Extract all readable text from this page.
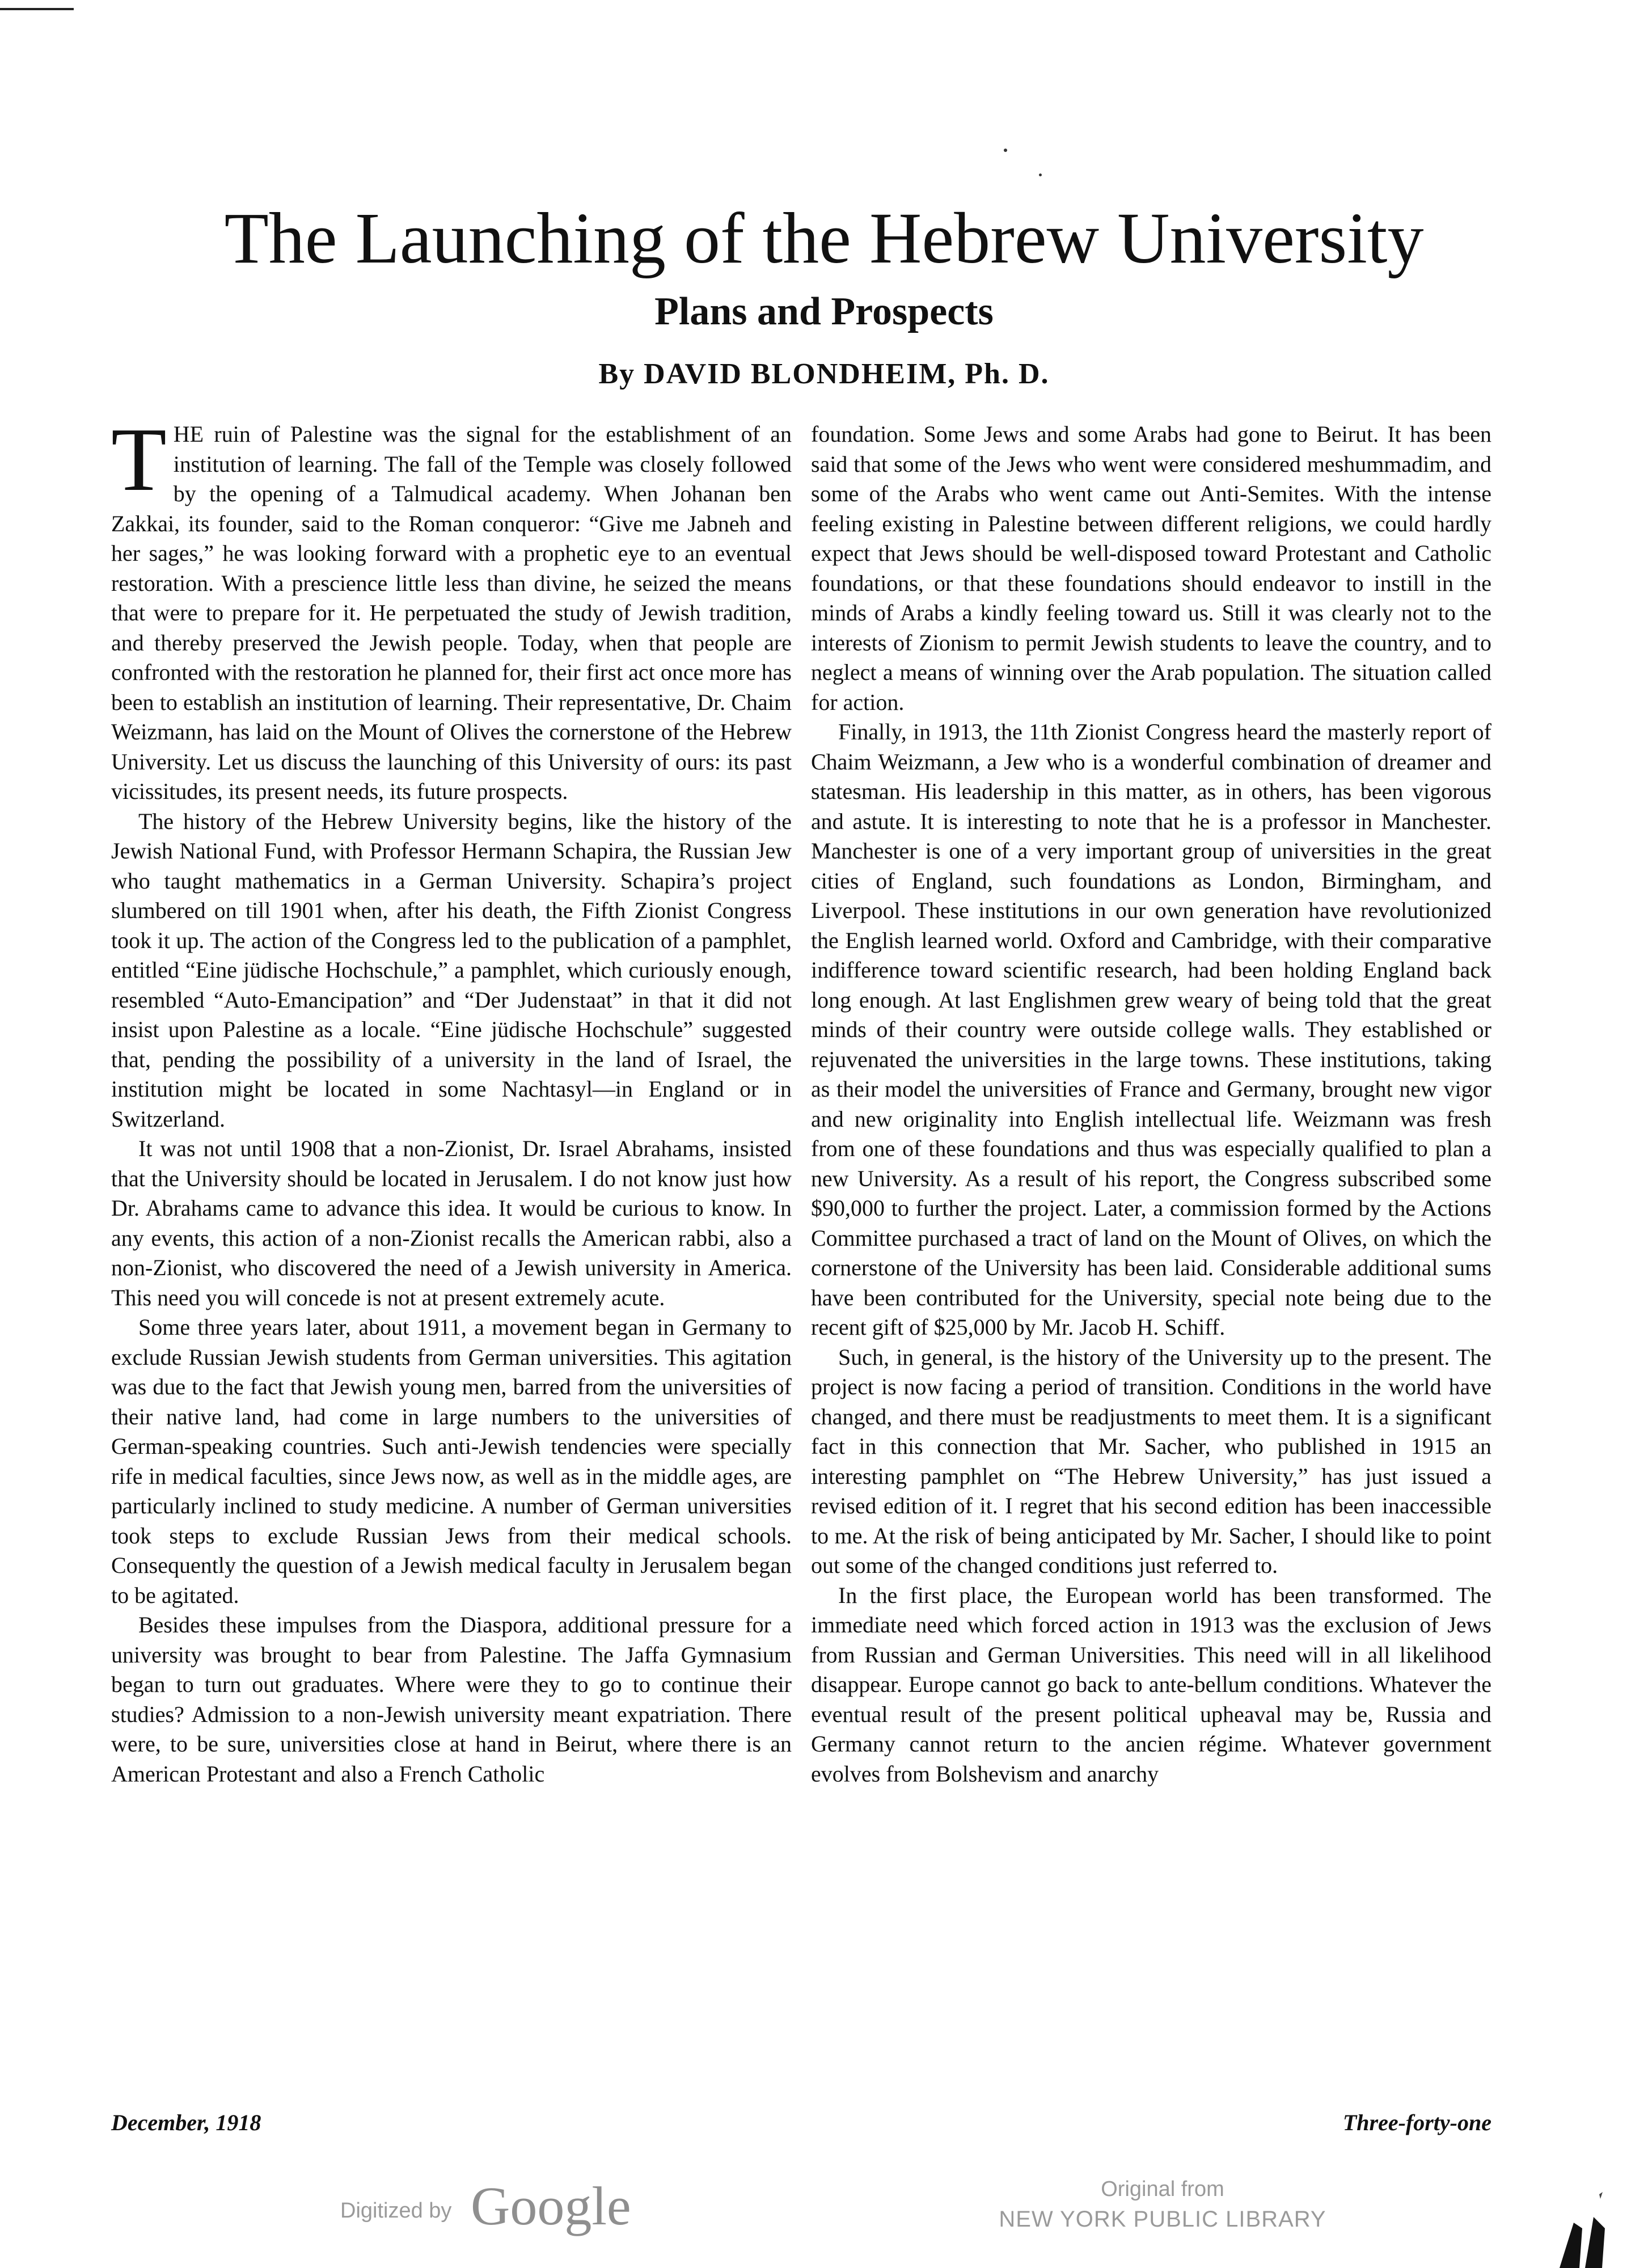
The Launching of the Hebrew University
Plans and Prospects
By DAVID BLONDHEIM, Ph. D.

THE ruin of Palestine was the signal for the establishment of an institution of learning. The fall of the Temple was closely followed by the opening of a Talmudical academy. When Johanan ben Zakkai, its founder, said to the Roman conqueror: “Give me Jabneh and her sages,” he was looking forward with a prophetic eye to an eventual restoration. With a prescience little less than divine, he seized the means that were to prepare for it. He perpetuated the study of Jewish tradition, and thereby preserved the Jewish people. Today, when that people are confronted with the restoration he planned for, their first act once more has been to establish an institution of learning. Their representative, Dr. Chaim Weizmann, has laid on the Mount of Olives the cornerstone of the Hebrew University. Let us discuss the launching of this University of ours: its past vicissitudes, its present needs, its future prospects.

The history of the Hebrew University begins, like the history of the Jewish National Fund, with Professor Hermann Schapira, the Russian Jew who taught mathematics in a German University. Schapira’s project slumbered on till 1901 when, after his death, the Fifth Zionist Congress took it up. The action of the Congress led to the publication of a pamphlet, entitled “Eine jüdische Hochschule,” a pamphlet, which curiously enough, resembled “Auto-Emancipation” and “Der Judenstaat” in that it did not insist upon Palestine as a locale. “Eine jüdische Hochschule” suggested that, pending the possibility of a university in the land of Israel, the institution might be located in some Nachtasyl—in England or in Switzerland.

It was not until 1908 that a non-Zionist, Dr. Israel Abrahams, insisted that the University should be located in Jerusalem. I do not know just how Dr. Abrahams came to advance this idea. It would be curious to know. In any events, this action of a non-Zionist recalls the American rabbi, also a non-Zionist, who discovered the need of a Jewish university in America. This need you will concede is not at present extremely acute.

Some three years later, about 1911, a movement began in Germany to exclude Russian Jewish students from German universities. This agitation was due to the fact that Jewish young men, barred from the universities of their native land, had come in large numbers to the universities of German-speaking countries. Such anti-Jewish tendencies were specially rife in medical faculties, since Jews now, as well as in the middle ages, are particularly inclined to study medicine. A number of German universities took steps to exclude Russian Jews from their medical schools. Consequently the question of a Jewish medical faculty in Jerusalem began to be agitated.

Besides these impulses from the Diaspora, additional pressure for a university was brought to bear from Palestine. The Jaffa Gymnasium began to turn out graduates. Where were they to go to continue their studies? Admission to a non-Jewish university meant expatriation. There were, to be sure, universities close at hand in Beirut, where there is an American Protestant and also a French Catholic

foundation. Some Jews and some Arabs had gone to Beirut. It has been said that some of the Jews who went were considered meshummadim, and some of the Arabs who went came out Anti-Semites. With the intense feeling existing in Palestine between different religions, we could hardly expect that Jews should be well-disposed toward Protestant and Catholic foundations, or that these foundations should endeavor to instill in the minds of Arabs a kindly feeling toward us. Still it was clearly not to the interests of Zionism to permit Jewish students to leave the country, and to neglect a means of winning over the Arab population. The situation called for action.

Finally, in 1913, the 11th Zionist Congress heard the masterly report of Chaim Weizmann, a Jew who is a wonderful combination of dreamer and statesman. His leadership in this matter, as in others, has been vigorous and astute. It is interesting to note that he is a professor in Manchester. Manchester is one of a very important group of universities in the great cities of England, such foundations as London, Birmingham, and Liverpool. These institutions in our own generation have revolutionized the English learned world. Oxford and Cambridge, with their comparative indifference toward scientific research, had been holding England back long enough. At last Englishmen grew weary of being told that the great minds of their country were outside college walls. They established or rejuvenated the universities in the large towns. These institutions, taking as their model the universities of France and Germany, brought new vigor and new originality into English intellectual life. Weizmann was fresh from one of these foundations and thus was especially qualified to plan a new University. As a result of his report, the Congress subscribed some $90,000 to further the project. Later, a commission formed by the Actions Committee purchased a tract of land on the Mount of Olives, on which the cornerstone of the University has been laid. Considerable additional sums have been contributed for the University, special note being due to the recent gift of $25,000 by Mr. Jacob H. Schiff.

Such, in general, is the history of the University up to the present. The project is now facing a period of transition. Conditions in the world have changed, and there must be readjustments to meet them. It is a significant fact in this connection that Mr. Sacher, who published in 1915 an interesting pamphlet on “The Hebrew University,” has just issued a revised edition of it. I regret that his second edition has been inaccessible to me. At the risk of being anticipated by Mr. Sacher, I should like to point out some of the changed conditions just referred to.

In the first place, the European world has been transformed. The immediate need which forced action in 1913 was the exclusion of Jews from Russian and German Universities. This need will in all likelihood disappear. Europe cannot go back to ante-bellum conditions. Whatever the eventual result of the present political upheaval may be, Russia and Germany cannot return to the ancien régime. Whatever government evolves from Bolshevism and anarchy

December, 1918	Three-forty-one
Digitized by Google	Original from
NEW YORK PUBLIC LIBRARY
